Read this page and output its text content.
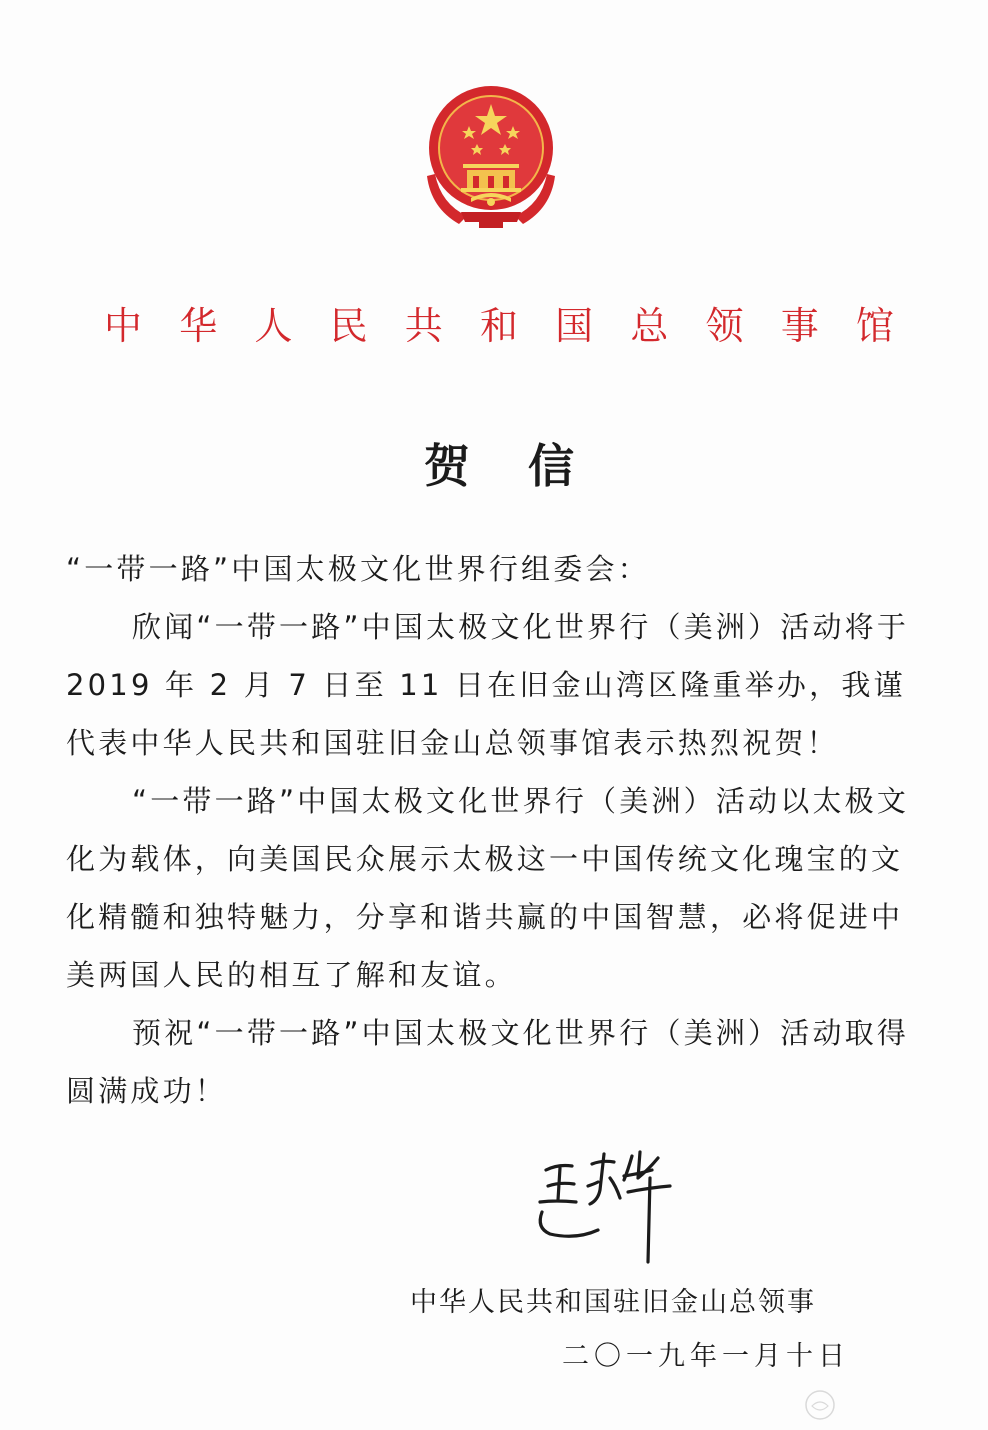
中 华 人 民 共 和 国 总 领 事 馆
贺 信

“一带一路”中国太极文化世界行组委会：

欣闻“一带一路”中国太极文化世界行（美洲）活动将于 2019 年 2 月 7 日至 11 日在旧金山湾区隆重举办，我谨代表中华人民共和国驻旧金山总领事馆表示热烈祝贺！

“一带一路”中国太极文化世界行（美洲）活动以太极文化为载体，向美国民众展示太极这一中国传统文化瑰宝的文化精髓和独特魅力，分享和谐共赢的中国智慧，必将促进中美两国人民的相互了解和友谊。

预祝“一带一路”中国太极文化世界行（美洲）活动取得圆满成功！

中华人民共和国驻旧金山总领事
二〇一九年一月十日
